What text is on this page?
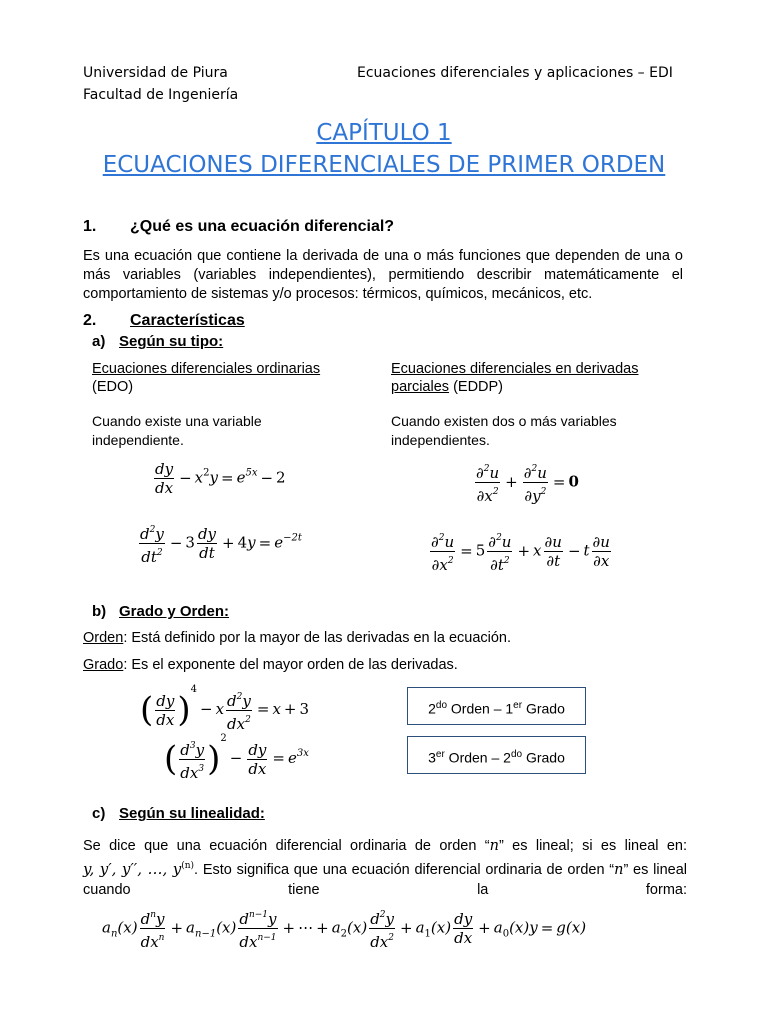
Universidad de Piura
Facultad de Ingeniería
Ecuaciones diferenciales y aplicaciones – EDI
CAPÍTULO 1
ECUACIONES DIFERENCIALES DE PRIMER ORDEN
1. ¿Qué es una ecuación diferencial?
Es una ecuación que contiene la derivada de una o más funciones que dependen de una o más variables (variables independientes), permitiendo describir matemáticamente el comportamiento de sistemas y/o procesos: térmicos, químicos, mecánicos, etc.
2. Características
a) Según su tipo:
Ecuaciones diferenciales ordinarias
(EDO)
Cuando existe una variable independiente.
Ecuaciones diferenciales en derivadas
parciales (EDDP)
Cuando existen dos o más variables independientes.
$\frac{dy}{dx} - x^2y = e^{5x} - 2$
$\frac{d^2y}{dt^2} - 3 \frac{dy}{dt} + 4y = e^{-2t}$
$\frac{\partial^2u}{\partial x^2} + \frac{\partial^2u}{\partial y^2} = 0$
$\frac{\partial^2u}{\partial x^2} = 5 \frac{\partial^2u}{\partial t^2} + x \frac{\partial u}{\partial t} - t \frac{\partial u}{\partial x}$
b) Grado y Orden:
Orden: Está definido por la mayor de las derivadas en la ecuación.
Grado: Es el exponente del mayor orden de las derivadas.
( $\frac{dy}{dx} )^4- x \frac{d^2y}{dx^2} = x + 3$
( $\frac{d^3y}{dx^3} )^2- \frac{dy}{dx} = e^{3x}$
$2^{do}$ Orden – 1er Grado
3er Orden – $2^{do}$ Grado
c) Según su linealidad:
Se dice que una ecuación diferencial ordinaria de orden “n” es lineal; si es lineal en:
y, y′, y′′, …, $y^{(n)}$. Esto significa que una ecuación diferencial ordinaria de orden “n” es lineal cuando tiene la forma:
$a_n(x) \frac{d^ny}{dx^n} + a_{n-1}(x) \frac{d^{n-1}y}{dx^{n-1}}$ + ⋯ + $a_2(x) \frac{d^2y}{dx^2} + a_1(x) \frac{dy}{dx} + a_0(x)y = g(x)$
